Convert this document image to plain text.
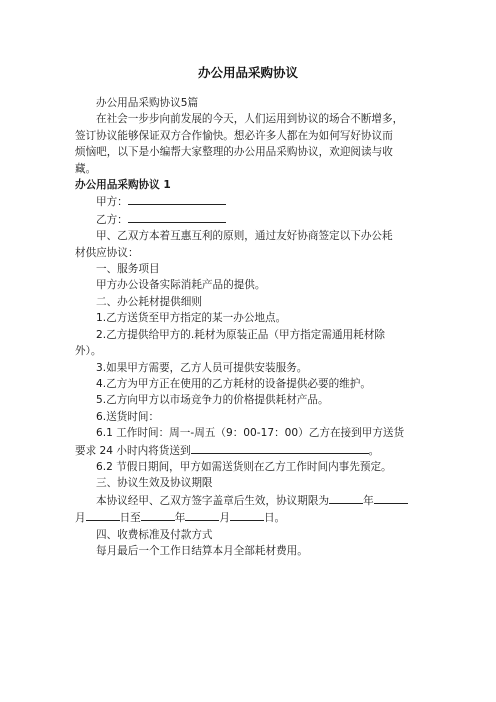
办公用品采购协议

办公用品采购协议5篇

在社会一步步向前发展的今天，人们运用到协议的场合不断增多，

签订协议能够保证双方合作愉快。想必许多人都在为如何写好协议而

烦恼吧，以下是小编帮大家整理的办公用品采购协议，欢迎阅读与收

藏。

办公用品采购协议 1

甲方：

乙方：

甲、乙双方本着互惠互利的原则，通过友好协商签定以下办公耗

材供应协议：

一、服务项目

甲方办公设备实际消耗产品的提供。

二、办公耗材提供细则

1.乙方送货至甲方指定的某一办公地点。

2.乙方提供给甲方的.耗材为原装正品（甲方指定需通用耗材除

外）。

3.如果甲方需要，乙方人员可提供安装服务。

4.乙方为甲方正在使用的乙方耗材的设备提供必要的维护。

5.乙方向甲方以市场竞争力的价格提供耗材产品。

6.送货时间：

6.1 工作时间：周一-周五（9：00-17：00）乙方在接到甲方送货

要求 24 小时内将货送到	。

6.2 节假日期间，甲方如需送货则在乙方工作时间内事先预定。

三、协议生效及协议期限

本协议经甲、乙双方签字盖章后生效，协议期限为	年

月	日至	年	月	日。

四、收费标准及付款方式

每月最后一个工作日结算本月全部耗材费用。
